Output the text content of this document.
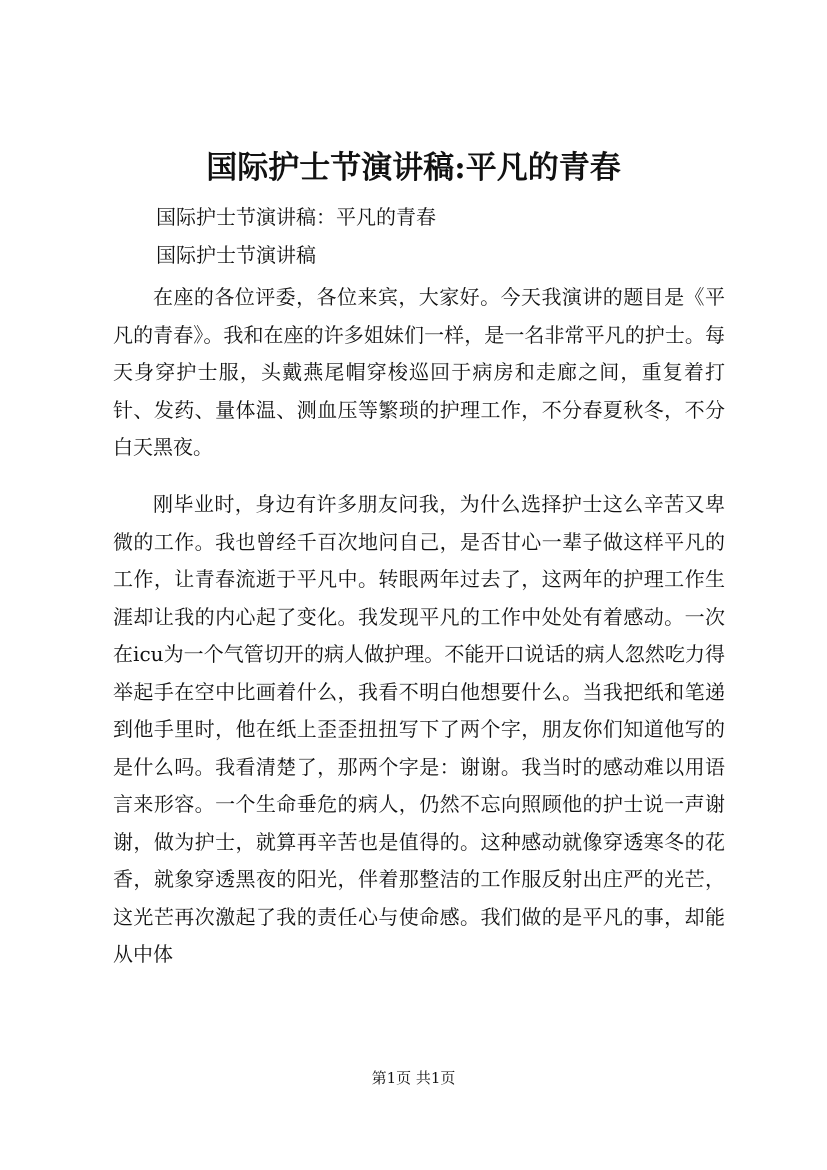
国际护士节演讲稿:平凡的青春
国际护士节演讲稿：平凡的青春
国际护士节演讲稿

在座的各位评委，各位来宾，大家好。今天我演讲的题目是《平凡的青春》。我和在座的许多姐妹们一样，是一名非常平凡的护士。每天身穿护士服，头戴燕尾帽穿梭巡回于病房和走廊之间，重复着打针、发药、量体温、测血压等繁琐的护理工作，不分春夏秋冬，不分白天黑夜。

刚毕业时，身边有许多朋友问我，为什么选择护士这么辛苦又卑微的工作。我也曾经千百次地问自己，是否甘心一辈子做这样平凡的工作，让青春流逝于平凡中。转眼两年过去了，这两年的护理工作生涯却让我的内心起了变化。我发现平凡的工作中处处有着感动。一次在icu为一个气管切开的病人做护理。不能开口说话的病人忽然吃力得举起手在空中比画着什么，我看不明白他想要什么。当我把纸和笔递到他手里时，他在纸上歪歪扭扭写下了两个字，朋友你们知道他写的是什么吗。我看清楚了，那两个字是：谢谢。我当时的感动难以用语言来形容。一个生命垂危的病人，仍然不忘向照顾他的护士说一声谢谢，做为护士，就算再辛苦也是值得的。这种感动就像穿透寒冬的花香，就象穿透黑夜的阳光，伴着那整洁的工作服反射出庄严的光芒，这光芒再次激起了我的责任心与使命感。我们做的是平凡的事，却能从中体

第1页 共1页
